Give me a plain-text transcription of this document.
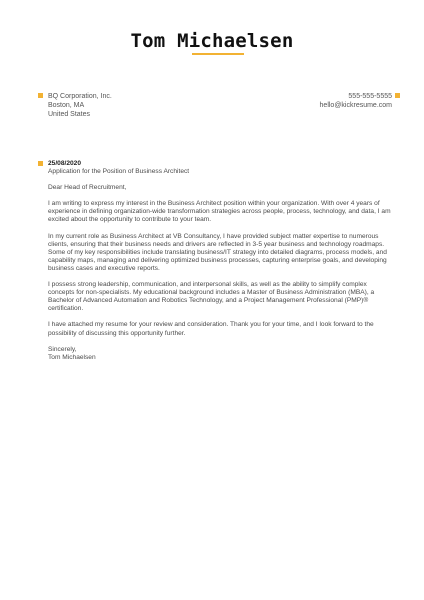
Tom Michaelsen
BQ Corporation, Inc.
Boston, MA
United States
555-555-5555
hello@kickresume.com
25/08/2020
Application for the Position of Business Architect

Dear Head of Recruitment,

I am writing to express my interest in the Business Architect position within your organization. With over 4 years of experience in defining organization-wide transformation strategies across people, process, technology, and data, I am excited about the opportunity to contribute to your team.

In my current role as Business Architect at VB Consultancy, I have provided subject matter expertise to numerous clients, ensuring that their business needs and drivers are reflected in 3-5 year business and technology roadmaps. Some of my key responsibilities include translating business/IT strategy into detailed diagrams, process models, and capability maps, managing and delivering optimized business processes, capturing enterprise goals, and developing business cases and executive reports.

I possess strong leadership, communication, and interpersonal skills, as well as the ability to simplify complex concepts for non-specialists. My educational background includes a Master of Business Administration (MBA), a Bachelor of Advanced Automation and Robotics Technology, and a Project Management Professional (PMP)® certification.

I have attached my resume for your review and consideration. Thank you for your time, and I look forward to the possibility of discussing this opportunity further.

Sincerely,
Tom Michaelsen
